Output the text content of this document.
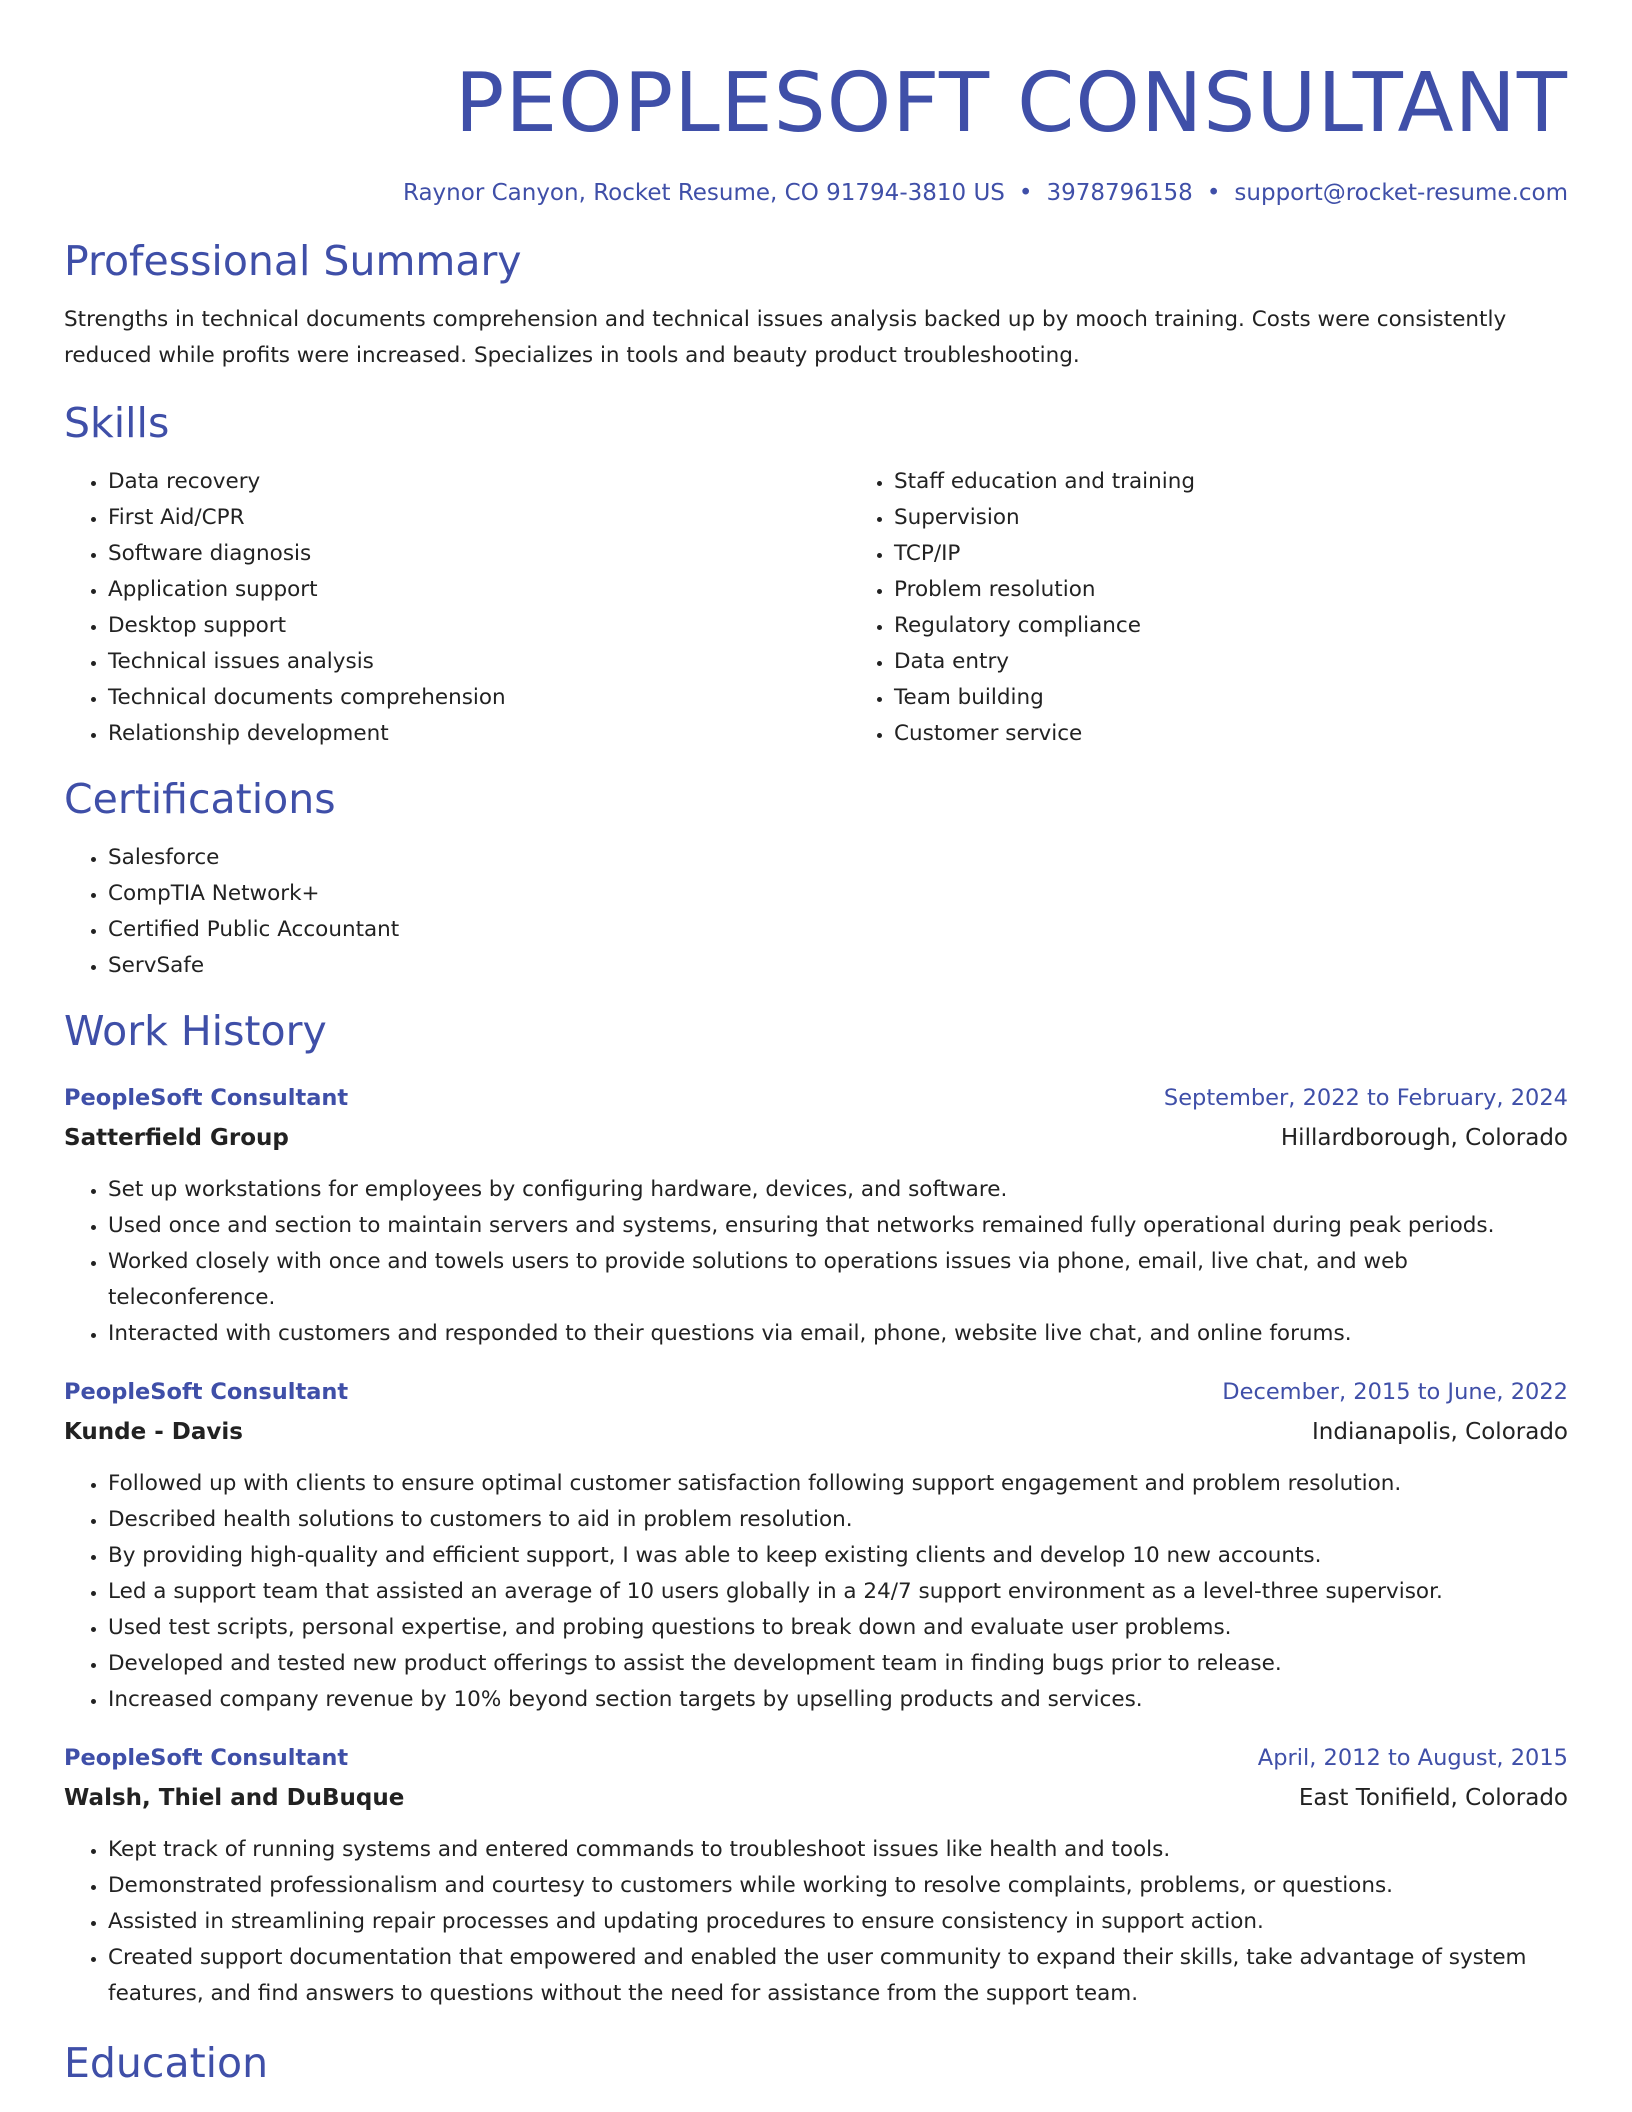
PEOPLESOFT CONSULTANT
Raynor Canyon, Rocket Resume, CO 91794-3810 US • 3978796158 • support@rocket-resume.com
Professional Summary

Strengths in technical documents comprehension and technical issues analysis backed up by mooch training. Costs were consistently reduced while profits were increased. Specializes in tools and beauty product troubleshooting.

Skills
• Data recovery
• First Aid/CPR
• Software diagnosis
• Application support
• Desktop support
• Technical issues analysis
• Technical documents comprehension
• Relationship development
• Staff education and training
• Supervision
• TCP/IP
• Problem resolution
• Regulatory compliance
• Data entry
• Team building
• Customer service
Certifications
• Salesforce
• CompTIA Network+
• Certified Public Accountant
• ServSafe
Work History
PeopleSoft Consultant	September, 2022 to February, 2024
Satterfield Group	Hillardborough, Colorado
• Set up workstations for employees by configuring hardware, devices, and software.
• Used once and section to maintain servers and systems, ensuring that networks remained fully operational during peak periods.
• Worked closely with once and towels users to provide solutions to operations issues via phone, email, live chat, and web teleconference.
• Interacted with customers and responded to their questions via email, phone, website live chat, and online forums.
PeopleSoft Consultant	December, 2015 to June, 2022
Kunde - Davis	Indianapolis, Colorado
• Followed up with clients to ensure optimal customer satisfaction following support engagement and problem resolution.
• Described health solutions to customers to aid in problem resolution.
• By providing high-quality and efficient support, I was able to keep existing clients and develop 10 new accounts.
• Led a support team that assisted an average of 10 users globally in a 24/7 support environment as a level-three supervisor.
• Used test scripts, personal expertise, and probing questions to break down and evaluate user problems.
• Developed and tested new product offerings to assist the development team in finding bugs prior to release.
• Increased company revenue by 10% beyond section targets by upselling products and services.
PeopleSoft Consultant	April, 2012 to August, 2015
Walsh, Thiel and DuBuque	East Tonifield, Colorado
• Kept track of running systems and entered commands to troubleshoot issues like health and tools.
• Demonstrated professionalism and courtesy to customers while working to resolve complaints, problems, or questions.
• Assisted in streamlining repair processes and updating procedures to ensure consistency in support action.
• Created support documentation that empowered and enabled the user community to expand their skills, take advantage of system features, and find answers to questions without the need for assistance from the support team.
Education
